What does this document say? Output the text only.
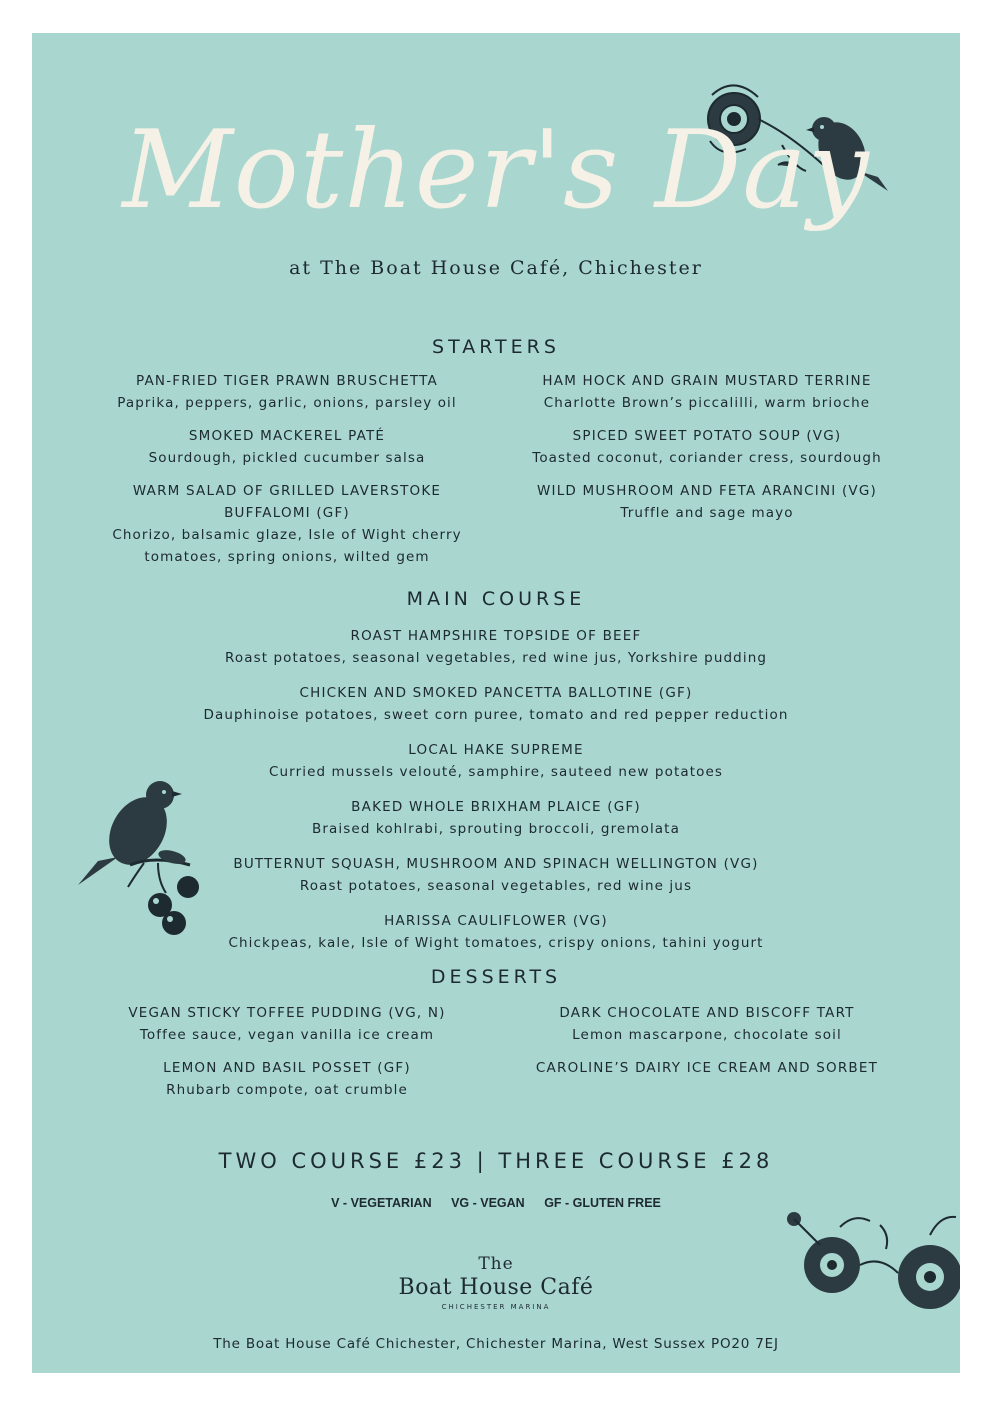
Mother's Day
at The Boat House Café, Chichester
STARTERS
PAN-FRIED TIGER PRAWN BRUSCHETTA
Paprika, peppers, garlic, onions, parsley oil
SMOKED MACKEREL PATÉ
Sourdough, pickled cucumber salsa
WARM SALAD OF GRILLED LAVERSTOKE BUFFALOMI (GF)
Chorizo, balsamic glaze, Isle of Wight cherry tomatoes, spring onions, wilted gem
HAM HOCK AND GRAIN MUSTARD TERRINE
Charlotte Brown’s piccalilli, warm brioche
SPICED SWEET POTATO SOUP (VG)
Toasted coconut, coriander cress, sourdough
WILD MUSHROOM AND FETA ARANCINI (VG)
Truffle and sage mayo
MAIN COURSE
ROAST HAMPSHIRE TOPSIDE OF BEEF
Roast potatoes, seasonal vegetables, red wine jus, Yorkshire pudding
CHICKEN AND SMOKED PANCETTA BALLOTINE (GF)
Dauphinoise potatoes, sweet corn puree, tomato and red pepper reduction
LOCAL HAKE SUPREME
Curried mussels velouté, samphire, sauteed new potatoes
BAKED WHOLE BRIXHAM PLAICE (GF)
Braised kohlrabi, sprouting broccoli, gremolata
BUTTERNUT SQUASH, MUSHROOM AND SPINACH WELLINGTON (VG)
Roast potatoes, seasonal vegetables, red wine jus
HARISSA CAULIFLOWER (VG)
Chickpeas, kale, Isle of Wight tomatoes, crispy onions, tahini yogurt
DESSERTS
VEGAN STICKY TOFFEE PUDDING (VG, N)
Toffee sauce, vegan vanilla ice cream
LEMON AND BASIL POSSET (GF)
Rhubarb compote, oat crumble
DARK CHOCOLATE AND BISCOFF TART
Lemon mascarpone, chocolate soil
CAROLINE’S DAIRY ICE CREAM AND SORBET
TWO COURSE £23 | THREE COURSE £28
V - VEGETARIAN VG - VEGAN GF - GLUTEN FREE
The
Boat House Café
CHICHESTER MARINA
The Boat House Café Chichester, Chichester Marina, West Sussex PO20 7EJ
